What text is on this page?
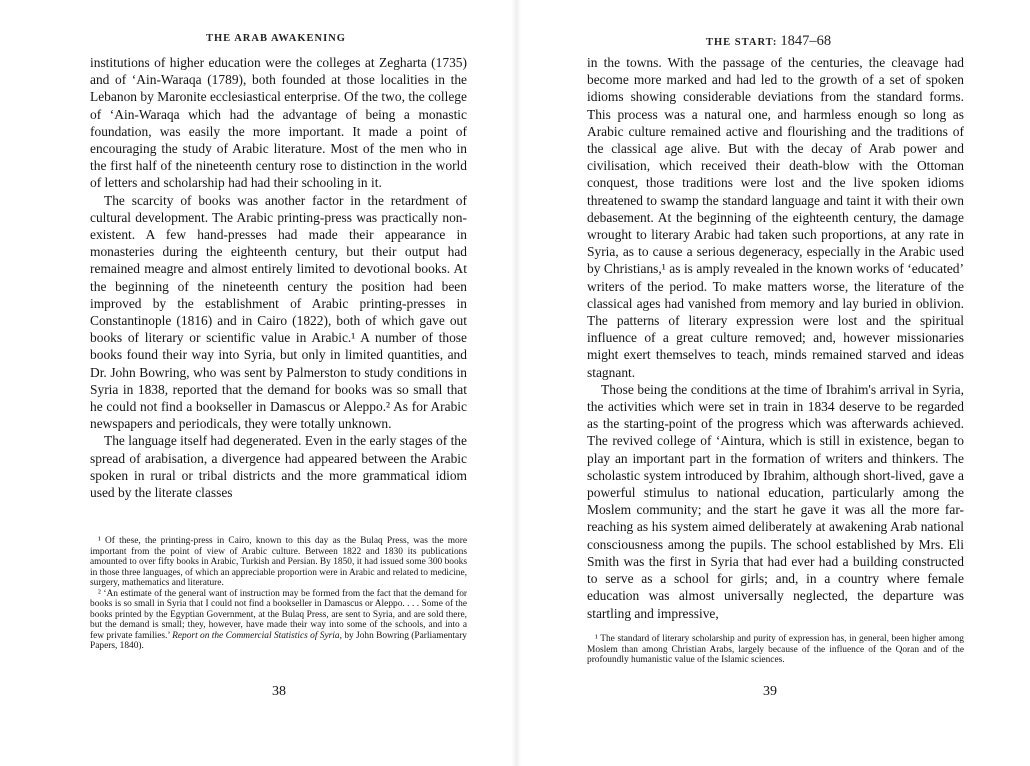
THE ARAB AWAKENING

institutions of higher education were the colleges at Zegharta (1735) and of ‘Ain-Waraqa (1789), both founded at those localities in the Lebanon by Maronite ecclesiastical enterprise. Of the two, the college of ‘Ain-Waraqa which had the advantage of being a monastic foundation, was easily the more important. It made a point of encouraging the study of Arabic literature. Most of the men who in the first half of the nineteenth century rose to distinction in the world of letters and scholarship had had their schooling in it.

The scarcity of books was another factor in the retardment of cultural development. The Arabic printing-press was practically non-existent. A few hand-presses had made their appearance in monasteries during the eighteenth century, but their output had remained meagre and almost entirely limited to devotional books. At the beginning of the nineteenth century the position had been improved by the establishment of Arabic printing-presses in Constantinople (1816) and in Cairo (1822), both of which gave out books of literary or scientific value in Arabic.¹ A number of those books found their way into Syria, but only in limited quantities, and Dr. John Bowring, who was sent by Palmerston to study conditions in Syria in 1838, reported that the demand for books was so small that he could not find a bookseller in Damascus or Aleppo.² As for Arabic newspapers and periodicals, they were totally unknown.

The language itself had degenerated. Even in the early stages of the spread of arabisation, a divergence had appeared between the Arabic spoken in rural or tribal districts and the more grammatical idiom used by the literate classes

¹ Of these, the printing-press in Cairo, known to this day as the Bulaq Press, was the more important from the point of view of Arabic culture. Between 1822 and 1830 its publications amounted to over fifty books in Arabic, Turkish and Persian. By 1850, it had issued some 300 books in those three languages, of which an appreciable proportion were in Arabic and related to medicine, surgery, mathematics and literature.

² ‘An estimate of the general want of instruction may be formed from the fact that the demand for books is so small in Syria that I could not find a bookseller in Damascus or Aleppo. . . . Some of the books printed by the Egyptian Government, at the Bulaq Press, are sent to Syria, and are sold there, but the demand is small; they, however, have made their way into some of the schools, and into a few private families.’ Report on the Commercial Statistics of Syria, by John Bowring (Parliamentary Papers, 1840).

38
THE START: 1847–68

in the towns. With the passage of the centuries, the cleavage had become more marked and had led to the growth of a set of spoken idioms showing considerable deviations from the standard forms. This process was a natural one, and harmless enough so long as Arabic culture remained active and flourishing and the traditions of the classical age alive. But with the decay of Arab power and civilisation, which received their death-blow with the Ottoman conquest, those traditions were lost and the live spoken idioms threatened to swamp the standard language and taint it with their own debasement. At the beginning of the eighteenth century, the damage wrought to literary Arabic had taken such proportions, at any rate in Syria, as to cause a serious degeneracy, especially in the Arabic used by Christians,¹ as is amply revealed in the known works of ‘educated’ writers of the period. To make matters worse, the literature of the classical ages had vanished from memory and lay buried in oblivion. The patterns of literary expression were lost and the spiritual influence of a great culture removed; and, however missionaries might exert themselves to teach, minds remained starved and ideas stagnant.

Those being the conditions at the time of Ibrahim's arrival in Syria, the activities which were set in train in 1834 deserve to be regarded as the starting-point of the progress which was afterwards achieved. The revived college of ‘Aintura, which is still in existence, began to play an important part in the formation of writers and thinkers. The scholastic system introduced by Ibrahim, although short-lived, gave a powerful stimulus to national education, particularly among the Moslem community; and the start he gave it was all the more far-reaching as his system aimed deliberately at awakening Arab national consciousness among the pupils. The school established by Mrs. Eli Smith was the first in Syria that had ever had a building constructed to serve as a school for girls; and, in a country where female education was almost universally neglected, the departure was startling and impressive,

¹ The standard of literary scholarship and purity of expression has, in general, been higher among Moslem than among Christian Arabs, largely because of the influence of the Qoran and of the profoundly humanistic value of the Islamic sciences.

39
